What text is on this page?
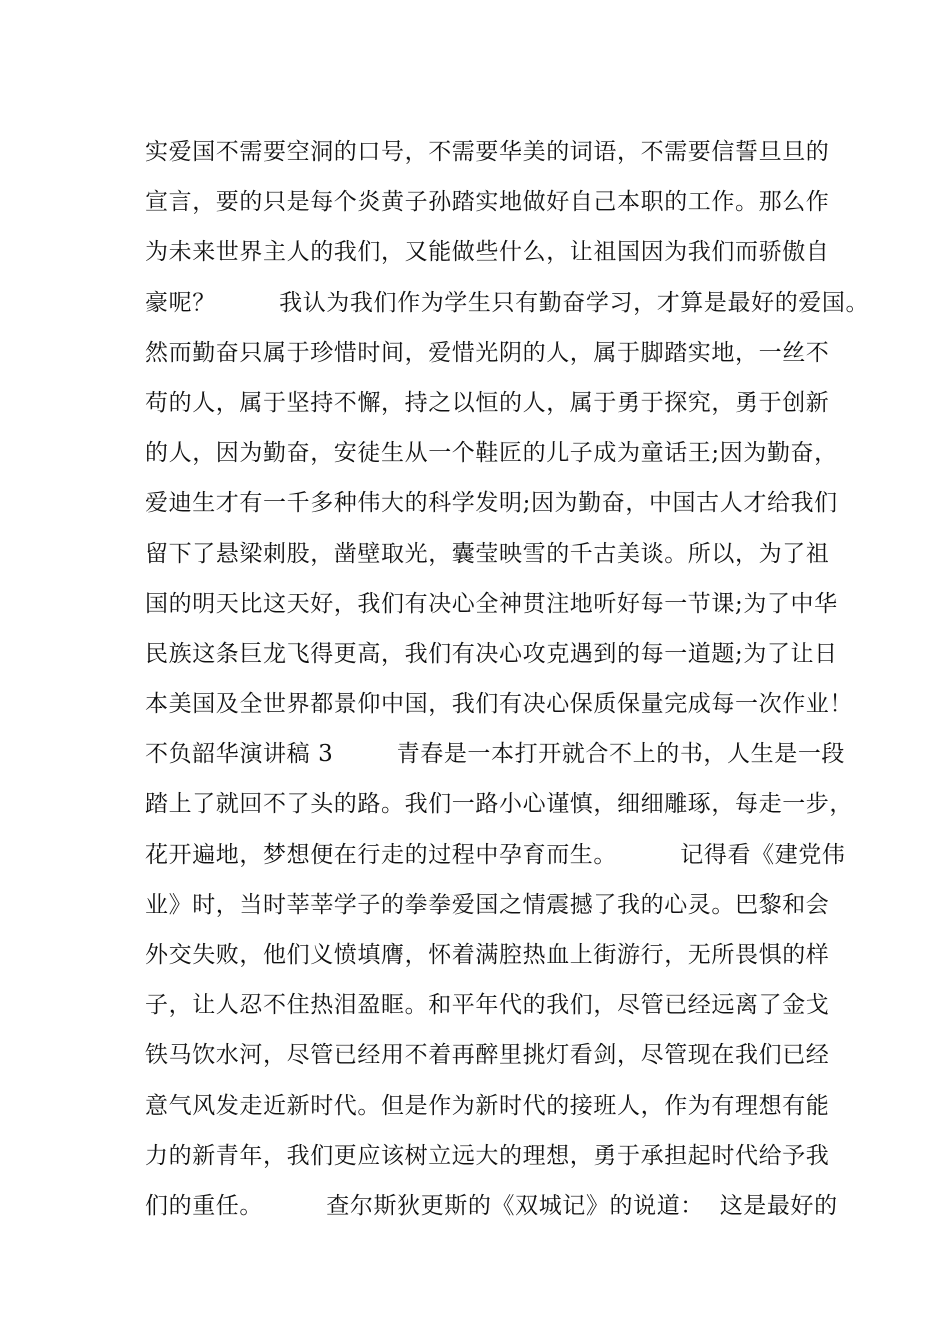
实爱国不需要空洞的口号，不需要华美的词语，不需要信誓旦旦的
宣言，要的只是每个炎黄子孙踏实地做好自己本职的工作。那么作
为未来世界主人的我们，又能做些什么，让祖国因为我们而骄傲自
豪呢？        我认为我们作为学生只有勤奋学习，才算是最好的爱国。
然而勤奋只属于珍惜时间，爱惜光阴的人，属于脚踏实地，一丝不
苟的人，属于坚持不懈，持之以恒的人，属于勇于探究，勇于创新
的人，因为勤奋，安徒生从一个鞋匠的儿子成为童话王;因为勤奋，
爱迪生才有一千多种伟大的科学发明;因为勤奋，中国古人才给我们
留下了悬梁刺股，凿壁取光，囊莹映雪的千古美谈。所以，为了祖
国的明天比这天好，我们有决心全神贯注地听好每一节课;为了中华
民族这条巨龙飞得更高，我们有决心攻克遇到的每一道题;为了让日
本美国及全世界都景仰中国，我们有决心保质保量完成每一次作业！
不负韶华演讲稿 3        青春是一本打开就合不上的书，人生是一段
踏上了就回不了头的路。我们一路小心谨慎，细细雕琢，每走一步，
花开遍地，梦想便在行走的过程中孕育而生。        记得看《建党伟
业》时，当时莘莘学子的拳拳爱国之情震撼了我的心灵。巴黎和会
外交失败，他们义愤填膺，怀着满腔热血上街游行，无所畏惧的样
子，让人忍不住热泪盈眶。和平年代的我们，尽管已经远离了金戈
铁马饮水河，尽管已经用不着再醉里挑灯看剑，尽管现在我们已经
意气风发走近新时代。但是作为新时代的接班人，作为有理想有能
力的新青年，我们更应该树立远大的理想，勇于承担起时代给予我
们的重任。        查尔斯狄更斯的《双城记》的说道：  这是最好的
